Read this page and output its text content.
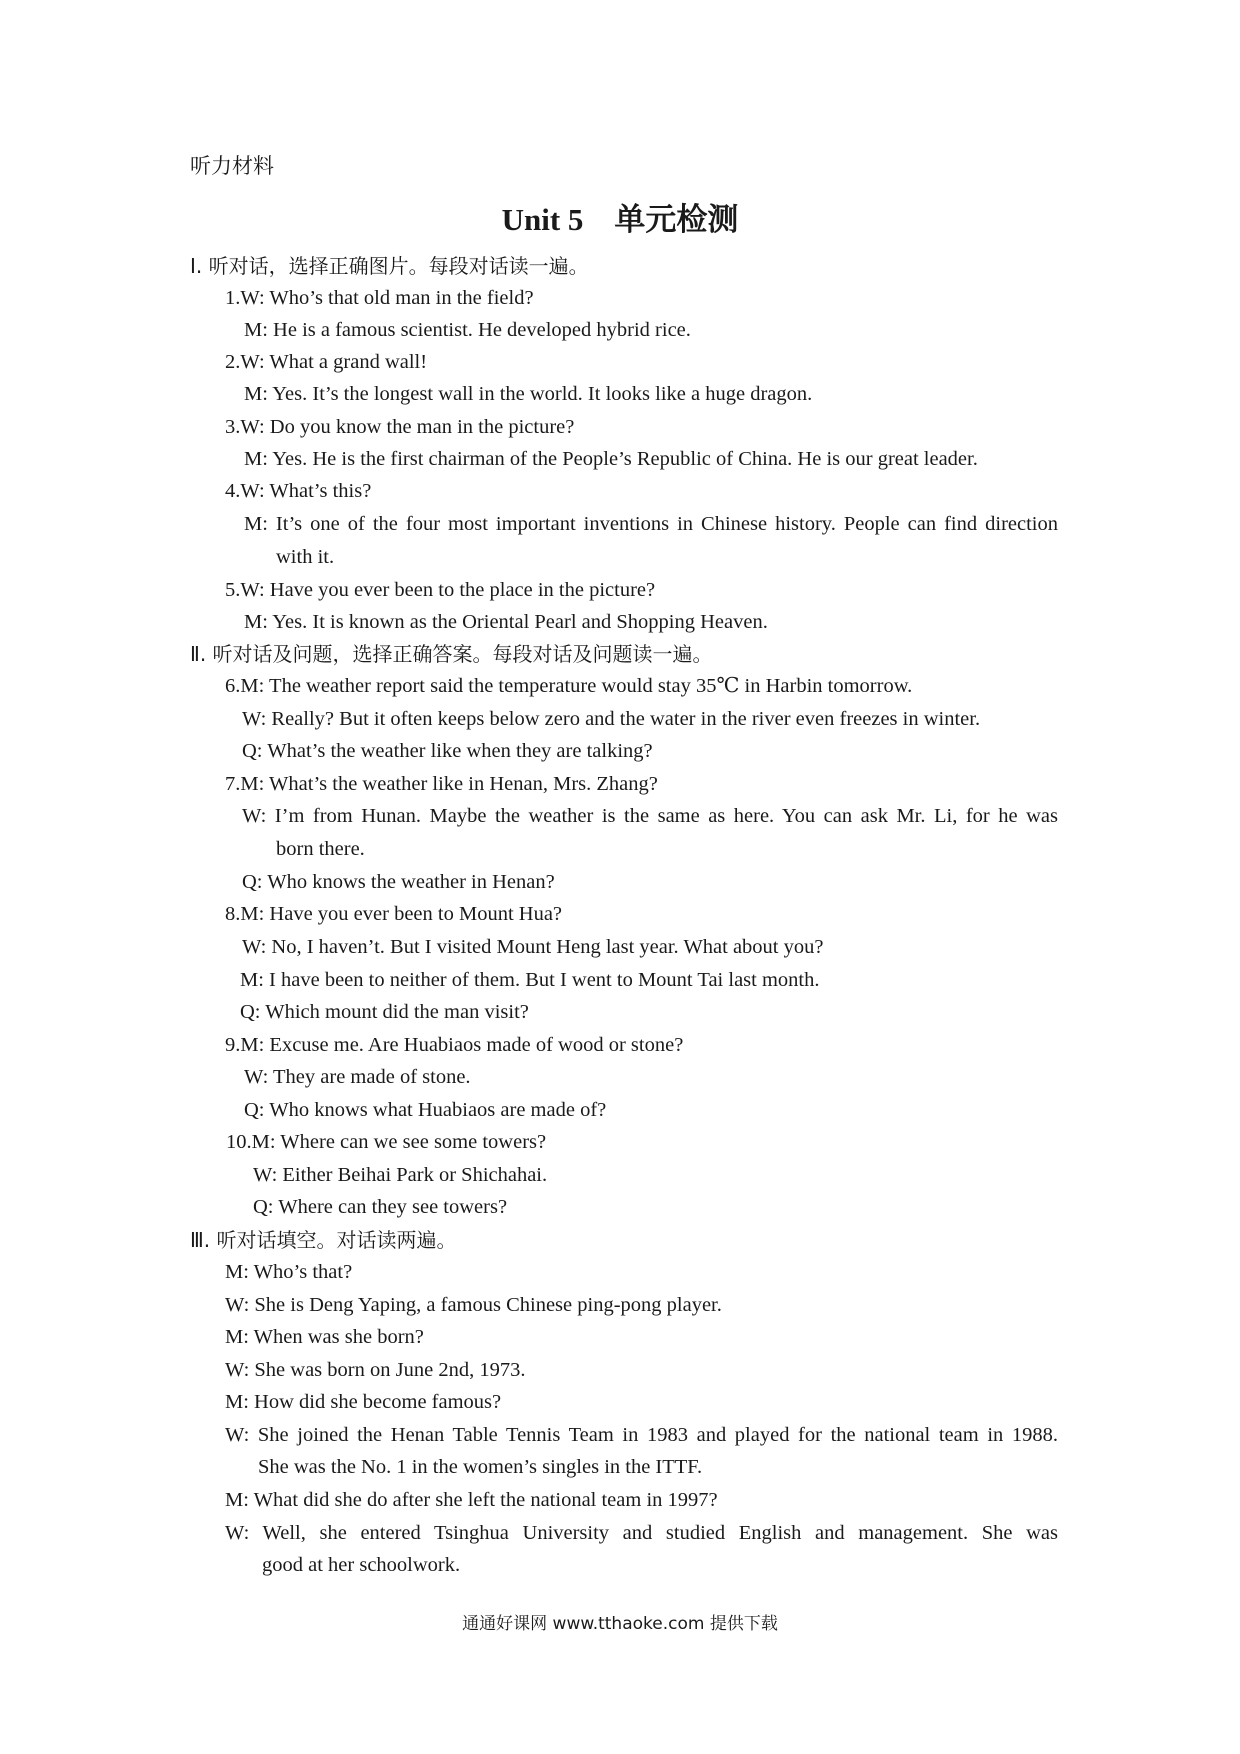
听力材料
Unit 5　单元检测
Ⅰ. 听对话，选择正确图片。每段对话读一遍。
1.W: Who’s that old man in the field?
M: He is a famous scientist. He developed hybrid rice.
2.W: What a grand wall!
M: Yes. It’s the longest wall in the world. It looks like a huge dragon.
3.W: Do you know the man in the picture?
M: Yes. He is the first chairman of the People’s Republic of China. He is our great leader.
4.W: What’s this?
M: It’s one of the four most important inventions in Chinese history. People can find direction
with it.
5.W: Have you ever been to the place in the picture?
M: Yes. It is known as the Oriental Pearl and Shopping Heaven.
Ⅱ. 听对话及问题，选择正确答案。每段对话及问题读一遍。
6.M: The weather report said the temperature would stay 35℃ in Harbin tomorrow.
W: Really? But it often keeps below zero and the water in the river even freezes in winter.
Q: What’s the weather like when they are talking?
7.M: What’s the weather like in Henan, Mrs. Zhang?
W: I’m from Hunan. Maybe the weather is the same as here. You can ask Mr. Li, for he was
born there.
Q: Who knows the weather in Henan?
8.M: Have you ever been to Mount Hua?
W: No, I haven’t. But I visited Mount Heng last year. What about you?
M: I have been to neither of them. But I went to Mount Tai last month.
Q: Which mount did the man visit?
9.M: Excuse me. Are Huabiaos made of wood or stone?
W: They are made of stone.
Q: Who knows what Huabiaos are made of?
10.M: Where can we see some towers?
W: Either Beihai Park or Shichahai.
Q: Where can they see towers?
Ⅲ. 听对话填空。对话读两遍。
M: Who’s that?
W: She is Deng Yaping, a famous Chinese ping-pong player.
M: When was she born?
W: She was born on June 2nd, 1973.
M: How did she become famous?
W: She joined the Henan Table Tennis Team in 1983 and played for the national team in 1988.
She was the No. 1 in the women’s singles in the ITTF.
M: What did she do after she left the national team in 1997?
W: Well, she entered Tsinghua University and studied English and management. She was
good at her schoolwork.
通通好课网 www.tthaoke.com 提供下载
